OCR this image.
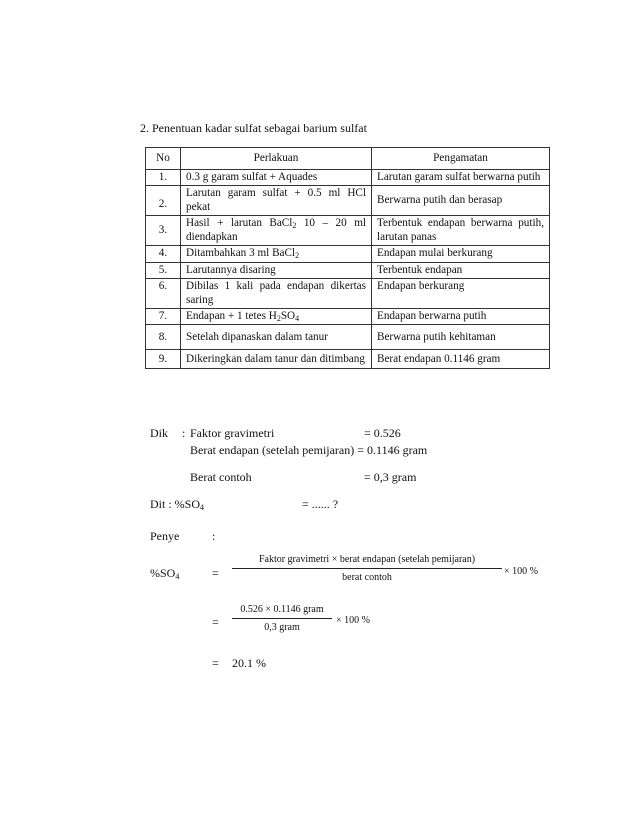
2. Penentuan kadar sulfat sebagai barium sulfat
No	Perlakuan	Pengamatan
1.	0.3 g garam sulfat + Aquades	Larutan garam sulfat berwarna putih
2.	Larutan garam sulfat + 0.5 ml HCl pekat	Berwarna putih dan berasap
3.	Hasil + larutan BaCl$_2$ 10 – 20 ml diendapkan	Terbentuk endapan berwarna putih, larutan panas
4.	Ditambahkan 3 ml BaCl$_2$	Endapan mulai berkurang
5.	Larutannya disaring	Terbentuk endapan
6.	Dibilas 1 kali pada endapan dikertas saring	Endapan berkurang
7.	Endapan + 1 tetes $H_2SO_4$	Endapan berwarna putih
8.	Setelah dipanaskan dalam tanur	Berwarna putih kehitaman
9.	Dikeringkan dalam tanur dan ditimbang	Berat endapan 0.1146 gram
Dik : Faktor gravimetri	= 0.526
Berat endapan (setelah pemijaran) = 0.1146 gram
Berat contoh	= 0,3 gram
Dit : $\%SO_4$	= ...... ?
Penye	:
$\%SO_4$	=
Faktor gravimetri × berat endapan (setelah pemijaran)
berat contoh
× 100 %
=
0.526 × 0.1146 gram
0,3 gram
× 100 %
= 20.1 %
